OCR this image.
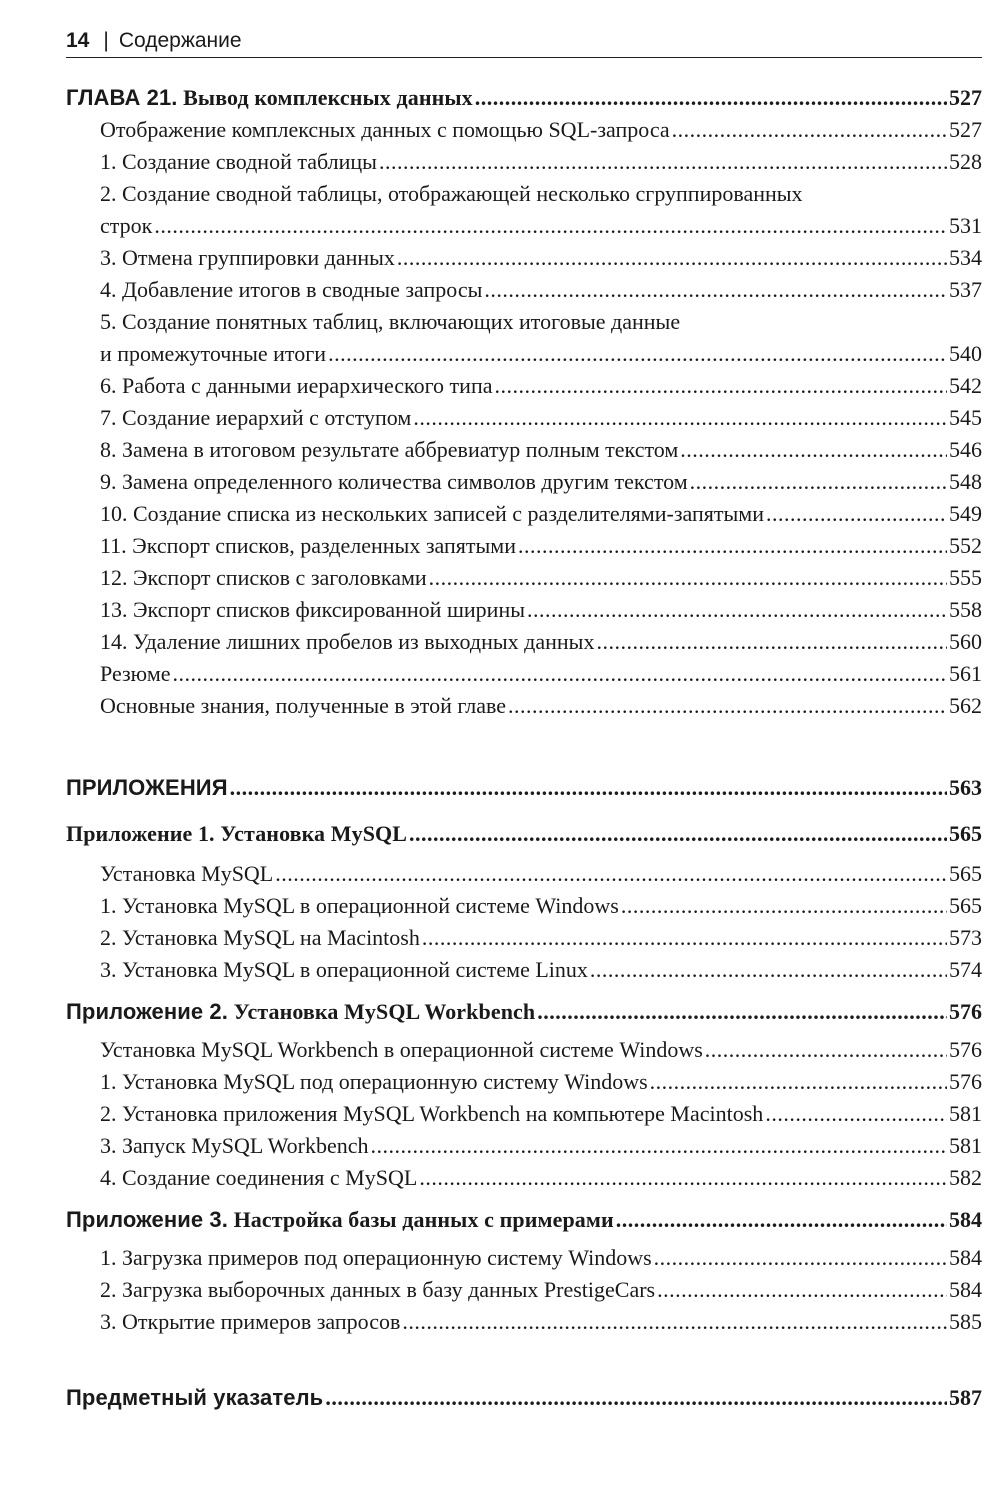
14 | Содержание
ГЛАВА 21. Вывод комплексных данных .....	527
Отображение комплексных данных с помощью SQL-запроса .....	527
1. Создание сводной таблицы .....	528
2. Создание сводной таблицы, отображающей несколько сгруппированных
строк .....	531
3. Отмена группировки данных .....	534
4. Добавление итогов в сводные запросы .....	537
5. Создание понятных таблиц, включающих итоговые данные
и промежуточные итоги .....	540
6. Работа с данными иерархического типа .....	542
7. Создание иерархий с отступом .....	545
8. Замена в итоговом результате аббревиатур полным текстом .....	546
9. Замена определенного количества символов другим текстом .....	548
10. Создание списка из нескольких записей с разделителями-запятыми .....	549
11. Экспорт списков, разделенных запятыми .....	552
12. Экспорт списков с заголовками .....	555
13. Экспорт списков фиксированной ширины .....	558
14. Удаление лишних пробелов из выходных данных .....	560
Резюме .....	561
Основные знания, полученные в этой главе .....	562
ПРИЛОЖЕНИЯ .....	563
Приложение 1. Установка MySQL .....	565
Установка MySQL .....	565
1. Установка MySQL в операционной системе Windows .....	565
2. Установка MySQL на Macintosh .....	573
3. Установка MySQL в операционной системе Linux .....	574
Приложение 2. Установка MySQL Workbench .....	576
Установка MySQL Workbench в операционной системе Windows .....	576
1. Установка MySQL под операционную систему Windows .....	576
2. Установка приложения MySQL Workbench на компьютере Macintosh .....	581
3. Запуск MySQL Workbench .....	581
4. Создание соединения с MySQL .....	582
Приложение 3. Настройка базы данных с примерами .....	584
1. Загрузка примеров под операционную систему Windows .....	584
2. Загрузка выборочных данных в базу данных PrestigeCars .....	584
3. Открытие примеров запросов .....	585
Предметный указатель .....	587
